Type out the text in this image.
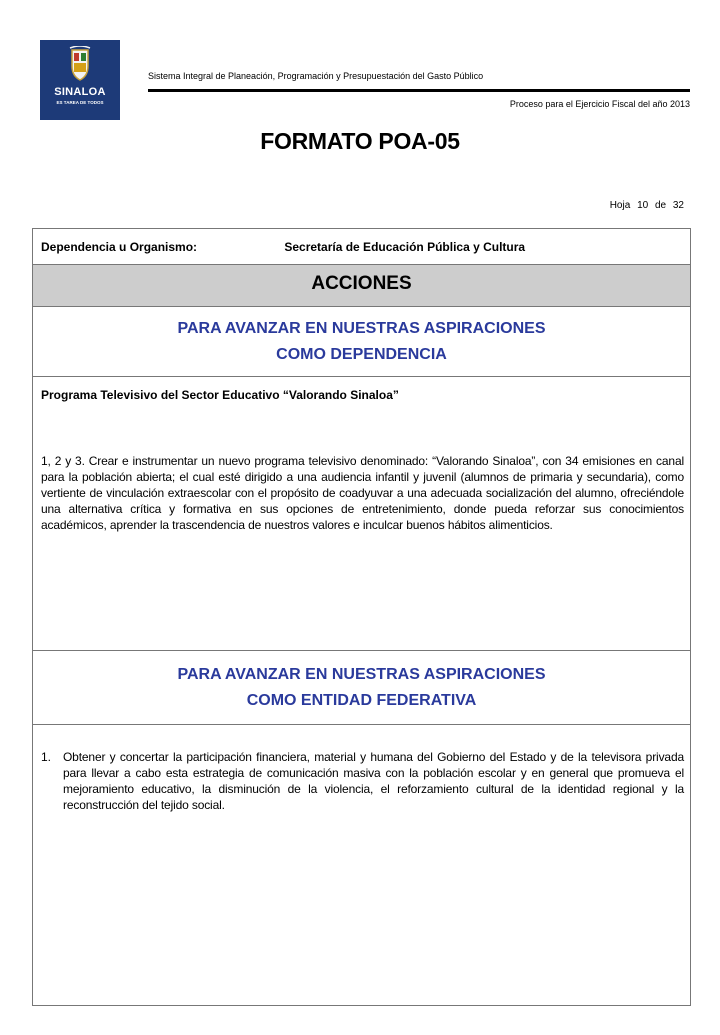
SINALOA
ES TAREA DE TODOS
Sistema Integral de Planeación, Programación y Presupuestación del Gasto Público
Proceso para el Ejercicio Fiscal del año 2013
FORMATO POA-05
Hoja 10 de 32
Dependencia u Organismo:	Secretaría de Educación Pública y Cultura
ACCIONES
PARA AVANZAR EN NUESTRAS ASPIRACIONES
COMO DEPENDENCIA
Programa Televisivo del Sector Educativo “Valorando Sinaloa”
1, 2 y 3. Crear e instrumentar un nuevo programa televisivo denominado: “Valorando Sinaloa”, con 34 emisiones en canal para la población abierta; el cual esté dirigido a una audiencia infantil y juvenil (alumnos de primaria y secundaria), como vertiente de vinculación extraescolar con el propósito de coadyuvar a una adecuada socialización del alumno, ofreciéndole una alternativa crítica y formativa en sus opciones de entretenimiento, donde pueda reforzar sus conocimientos académicos, aprender la trascendencia de nuestros valores e inculcar buenos hábitos alimenticios.
PARA AVANZAR EN NUESTRAS ASPIRACIONES
COMO ENTIDAD FEDERATIVA
1. Obtener y concertar la participación financiera, material y humana del Gobierno del Estado y de la televisora privada para llevar a cabo esta estrategia de comunicación masiva con la población escolar y en general que promueva el mejoramiento educativo, la disminución de la violencia, el reforzamiento cultural de la identidad regional y la reconstrucción del tejido social.
